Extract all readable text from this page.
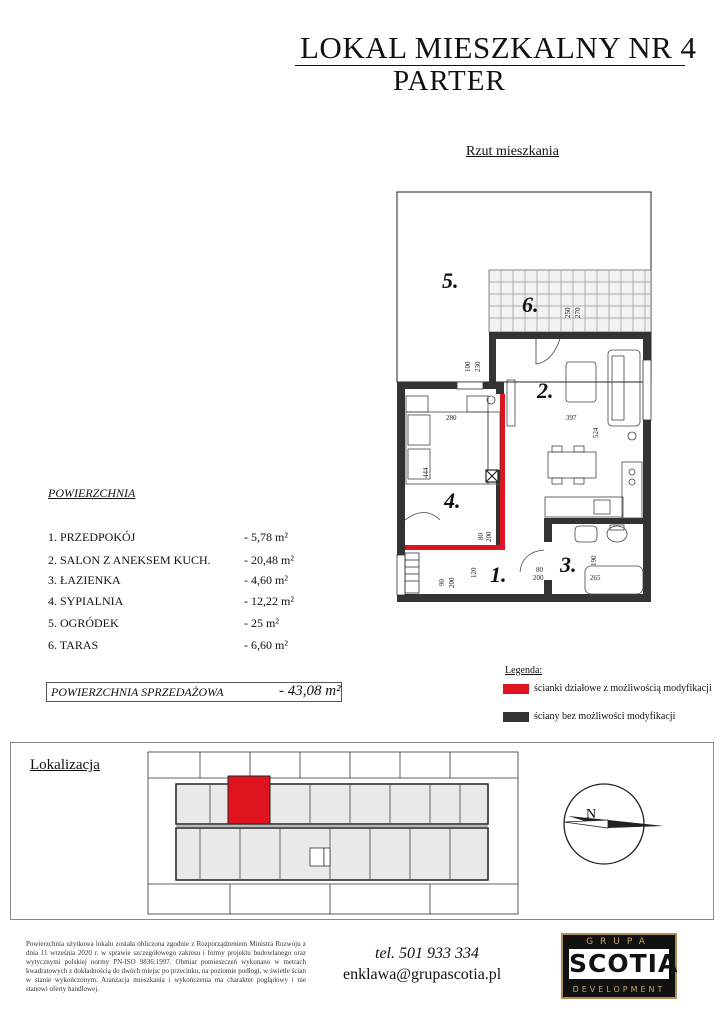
LOKAL MIESZKALNY NR 4
PARTER
Rzut mieszkania
1.
2.
3.
4.
5.
6.
100 230
250 270
280	397
524
444
80 200
120
90 200
80
200
190
265
POWIERZCHNIA
1. PRZEDPOKÓJ	- 5,78 m²
2. SALON Z ANEKSEM KUCH.	- 20,48 m²
3. ŁAZIENKA	- 4,60 m²
4. SYPIALNIA	- 12,22 m²
5. OGRÓDEK	- 25 m²
6. TARAS	- 6,60 m²
POWIERZCHNIA SPRZEDAŻOWA	- 43,08 m²
Legenda:
ścianki działowe z możliwością modyfikacji
ściany bez możliwości modyfikacji
Lokalizacja
N
Powierzchnia użytkowa lokalu została obliczona zgodnie z Rozporządzeniem Ministra Rozwoju z dnia 11 września 2020 r. w sprawie szczegółowego zakresu i formy projektu budowlanego oraz wytycznymi polskiej normy PN-ISO 9836:1997. Obmiar pomieszczeń wykonano w metrach kwadratowych z dokładnością do dwóch miejsc po przecinku, na poziomie podłogi, w świetle ścian w stanie wykończonym. Aranżacja mieszkania i wykończenia ma charakter poglądowy i nie stanowi oferty handlowej.
tel. 501 933 334
enklawa@grupascotia.pl
GRUPA
SCOTIA
DEVELOPMENT
